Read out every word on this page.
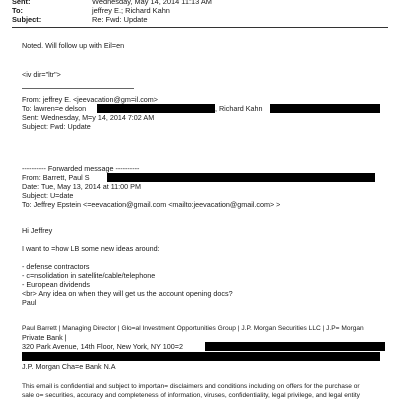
Sent:	Wednesday, May 14, 2014 11:13 AM
To:	jeffrey E.; Richard Kahn
Subject:	Re: Fwd: Update
Noted. Will follow up with Eil=en
<iv dir="ltr">
From: jeffrey E. <jeevacation@gm=il.com>
To: lawren=e delson	, Richard Kahn
Sent: Wednesday, M=y 14, 2014 7:02 AM
Subject: Fwd: Update
---------- Forwarded message ----------
From: Barrett, Paul S
Date: Tue, May 13, 2014 at 11:00 PM
Subject: U=date
To: Jeffrey Epstein <=eevacation@gmail.com <mailto:jeevacation@gmail.com> >
Hi Jeffrey
I want to =how LB some new ideas around:
- defense contractors
- c=nsolidation in satellite/cable/telephone
- European dividends
<br> Any idea on when they will get us the account opening docs?
Paul
Paul Barrett | Managing Director | Glo=al Investment Opportunities Group | J.P. Morgan Securities LLC | J.P= Morgan
Private Bank |
320 Park Avenue, 14th Floor, New York, NY 100=2
J.P. Morgan Cha=e Bank N.A
This email is confidential and subject to importan= disclaimers and conditions including on offers for the purchase or
sale o= securities, accuracy and completeness of information, viruses, confidentiality, legal privilege, and legal entity
